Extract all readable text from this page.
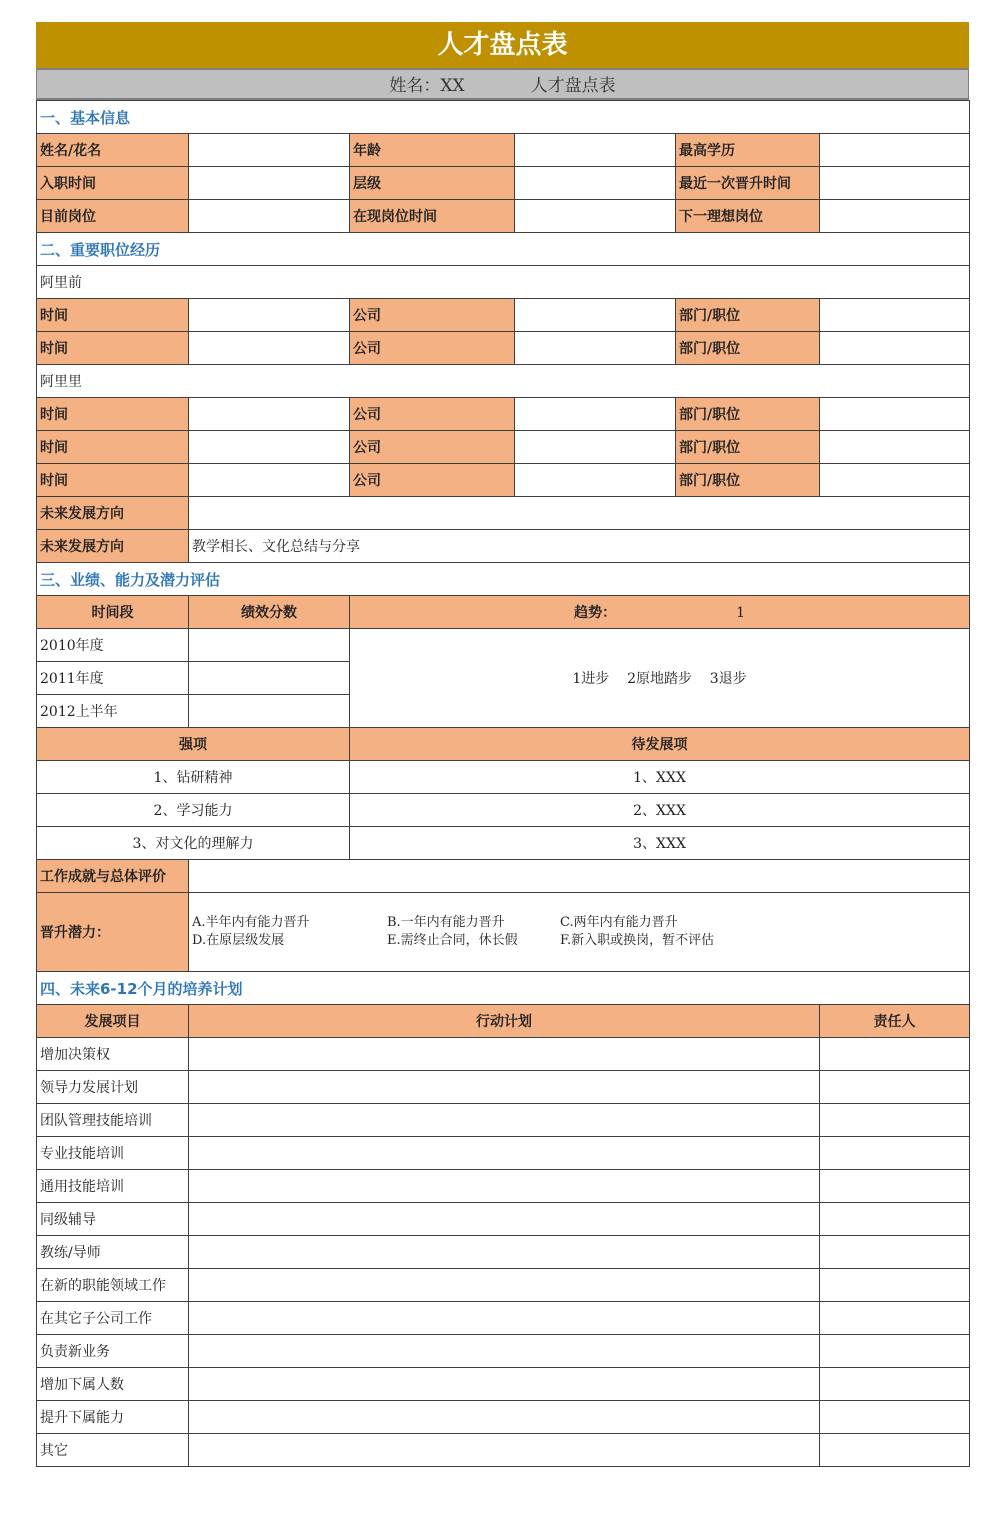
人才盘点表
姓名：XX	人才盘点表
一、基本信息					
姓名/花名		年龄		最高学历	
入职时间		层级		最近一次晋升时间	
目前岗位		在现岗位时间		下一理想岗位	
二、重要职位经历					
阿里前					
时间		公司		部门/职位	
时间		公司		部门/职位	
阿里里					
时间		公司		部门/职位	
时间		公司		部门/职位	
时间		公司		部门/职位	
未来发展方向					
未来发展方向	教学相长、文化总结与分享				
三、业绩、能力及潜力评估					
时间段	绩效分数	趋势： 1			
2010年度		1进步    2原地踏步    3退步			
2011年度					
2012上半年					
强项		待发展项			
1、钻研精神		1、XXX			
2、学习能力		2、XXX			
3、对文化的理解力		3、XXX			
工作成就与总体评价					
晋升潜力：	A.半年内有能力晋升 B.一年内有能力晋升 C.两年内有能力晋升
D.在原层级发展 E.需终止合同，休长假 F.新入职或换岗，暂不评估				

四、未来6-12个月的培养计划					
发展项目	行动计划				责任人
增加决策权					
领导力发展计划					
团队管理技能培训					
专业技能培训					
通用技能培训					
同级辅导					
教练/导师					
在新的职能领域工作					
在其它子公司工作					
负责新业务					
增加下属人数					
提升下属能力					
其它					
